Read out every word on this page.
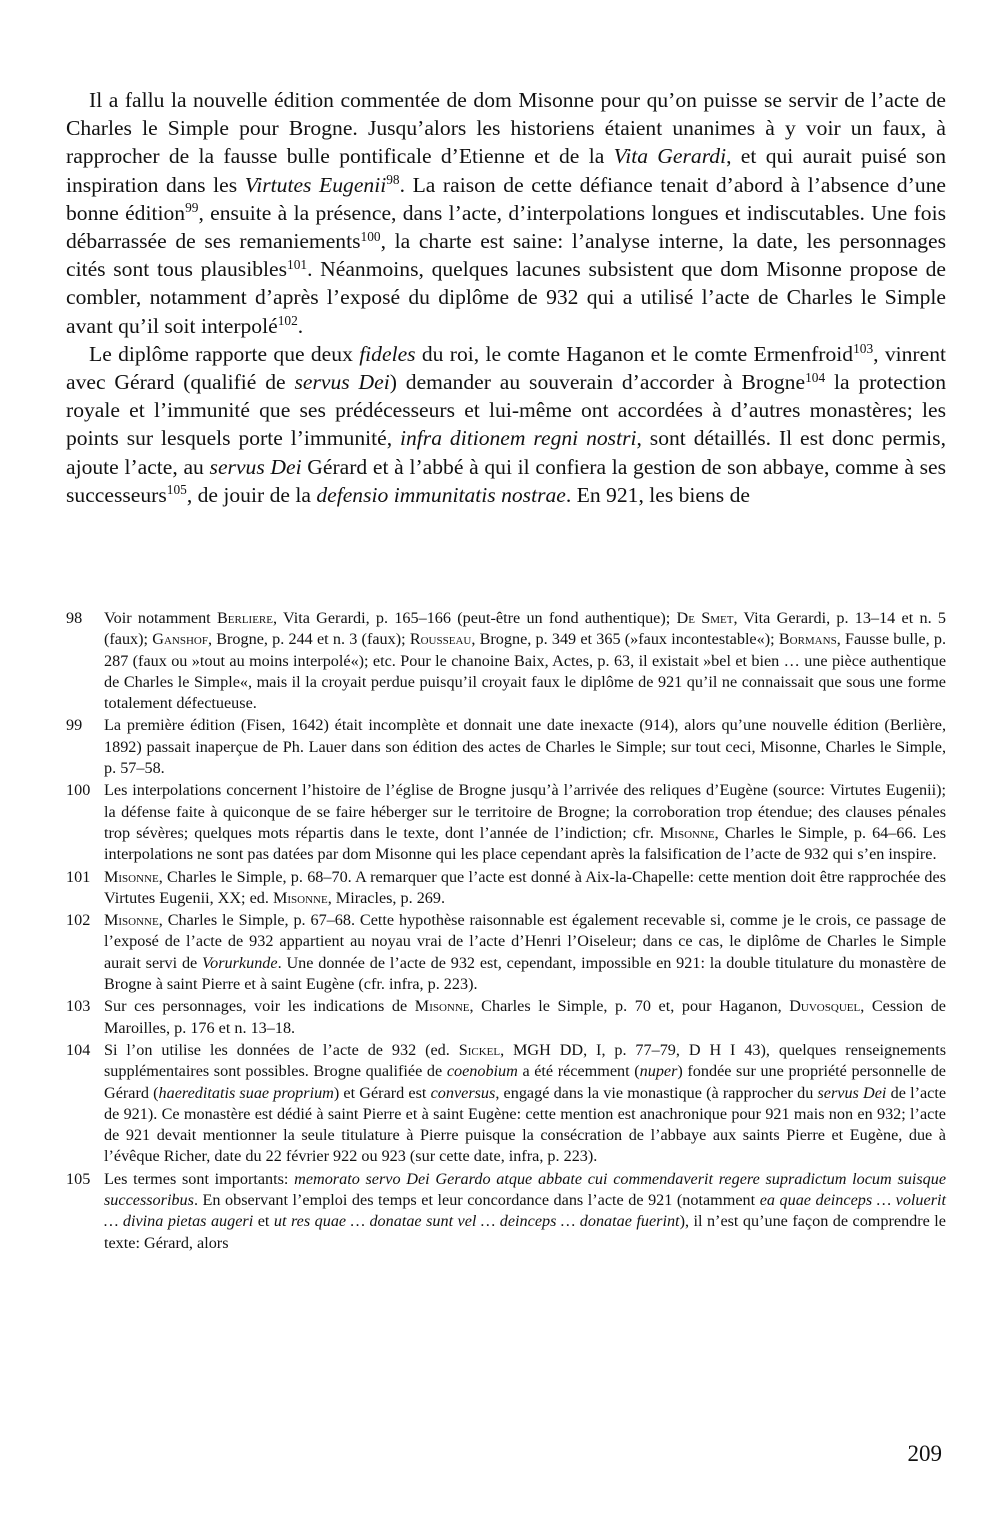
Il a fallu la nouvelle édition commentée de dom Misonne pour qu’on puisse se servir de l’acte de Charles le Simple pour Brogne. Jusqu’alors les historiens étaient unanimes à y voir un faux, à rapprocher de la fausse bulle pontificale d’Etienne et de la Vita Gerardi, et qui aurait puisé son inspiration dans les Virtutes Eugenii$^{98}$. La raison de cette défiance tenait d’abord à l’absence d’une bonne édition$^{99}$, ensuite à la présence, dans l’acte, d’interpolations longues et indiscutables. Une fois débarrassée de ses remaniements$^{100}$, la charte est saine: l’analyse interne, la date, les personnages cités sont tous plausibles$^{101}$. Néanmoins, quelques lacunes subsistent que dom Misonne propose de combler, notamment d’après l’exposé du diplôme de 932 qui a utilisé l’acte de Charles le Simple avant qu’il soit interpolé$^{102}$.

Le diplôme rapporte que deux fideles du roi, le comte Haganon et le comte Ermenfroid$^{103}$, vinrent avec Gérard (qualifié de servus Dei) demander au souverain d’accorder à Brogne$^{104}$ la protection royale et l’immunité que ses prédécesseurs et lui-même ont accordées à d’autres monastères; les points sur lesquels porte l’immunité, infra ditionem regni nostri, sont détaillés. Il est donc permis, ajoute l’acte, au servus Dei Gérard et à l’abbé à qui il confiera la gestion de son abbaye, comme à ses successeurs$^{105}$, de jouir de la defensio immunitatis nostrae. En 921, les biens de

98	Voir notamment Berliere, Vita Gerardi, p. 165–166 (peut-être un fond authentique); De Smet, Vita Gerardi, p. 13–14 et n. 5 (faux); Ganshof, Brogne, p. 244 et n. 3 (faux); Rousseau, Brogne, p. 349 et 365 (»faux incontestable«); Bormans, Fausse bulle, p. 287 (faux ou »tout au moins interpolé«); etc. Pour le chanoine Baix, Actes, p. 63, il existait »bel et bien … une pièce authentique de Charles le Simple«, mais il la croyait perdue puisqu’il croyait faux le diplôme de 921 qu’il ne connaissait que sous une forme totalement défectueuse.
99	La première édition (Fisen, 1642) était incomplète et donnait une date inexacte (914), alors qu’une nouvelle édition (Berlière, 1892) passait inaperçue de Ph. Lauer dans son édition des actes de Charles le Simple; sur tout ceci, Misonne, Charles le Simple, p. 57–58.
100 Les interpolations concernent l’histoire de l’église de Brogne jusqu’à l’arrivée des reliques d’Eugène (source: Virtutes Eugenii); la défense faite à quiconque de se faire héberger sur le territoire de Brogne; la corroboration trop étendue; des clauses pénales trop sévères; quelques mots répartis dans le texte, dont l’année de l’indiction; cfr. Misonne, Charles le Simple, p. 64–66. Les interpolations ne sont pas datées par dom Misonne qui les place cependant après la falsification de l’acte de 932 qui s’en inspire.
101 Misonne, Charles le Simple, p. 68–70. A remarquer que l’acte est donné à Aix-la-Chapelle: cette mention doit être rapprochée des Virtutes Eugenii, XX; ed. Misonne, Miracles, p. 269.
102 Misonne, Charles le Simple, p. 67–68. Cette hypothèse raisonnable est également recevable si, comme je le crois, ce passage de l’exposé de l’acte de 932 appartient au noyau vrai de l’acte d’Henri l’Oiseleur; dans ce cas, le diplôme de Charles le Simple aurait servi de Vorurkunde. Une donnée de l’acte de 932 est, cependant, impossible en 921: la double titulature du monastère de Brogne à saint Pierre et à saint Eugène (cfr. infra, p. 223).
103 Sur ces personnages, voir les indications de Misonne, Charles le Simple, p. 70 et, pour Haganon, Duvosquel, Cession de Maroilles, p. 176 et n. 13–18.
104 Si l’on utilise les données de l’acte de 932 (ed. Sickel, MGH DD, I, p. 77–79, D H I 43), quelques renseignements supplémentaires sont possibles. Brogne qualifiée de coenobium a été récemment (nuper) fondée sur une propriété personnelle de Gérard (haereditatis suae proprium) et Gérard est conversus, engagé dans la vie monastique (à rapprocher du servus Dei de l’acte de 921). Ce monastère est dédié à saint Pierre et à saint Eugène: cette mention est anachronique pour 921 mais non en 932; l’acte de 921 devait mentionner la seule titulature à Pierre puisque la consécration de l’abbaye aux saints Pierre et Eugène, due à l’évêque Richer, date du 22 février 922 ou 923 (sur cette date, infra, p. 223).
105 Les termes sont importants: memorato servo Dei Gerardo atque abbate cui commendaverit regere supradictum locum suisque successoribus. En observant l’emploi des temps et leur concordance dans l’acte de 921 (notamment ea quae deinceps … voluerit … divina pietas augeri et ut res quae … donatae sunt vel … deinceps … donatae fuerint), il n’est qu’une façon de comprendre le texte: Gérard, alors
209
